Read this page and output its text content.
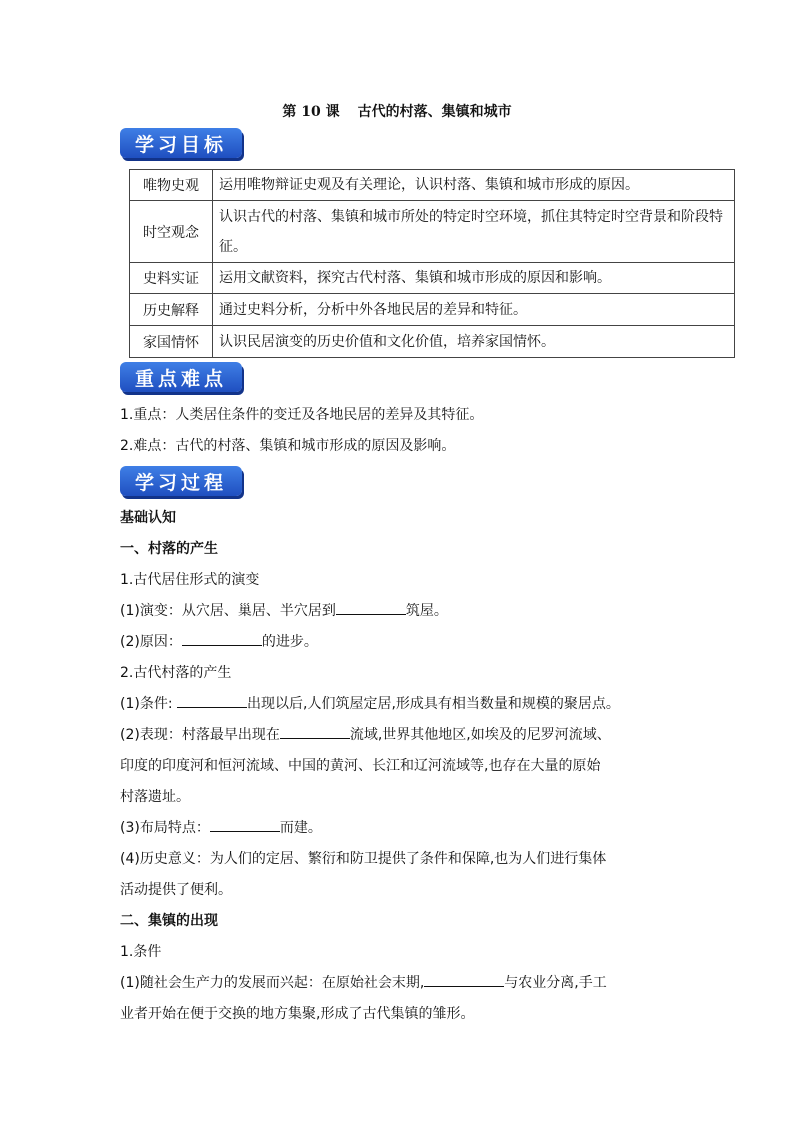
第 10 课 古代的村落、集镇和城市
学习目标
唯物史观	运用唯物辩证史观及有关理论，认识村落、集镇和城市形成的原因。
时空观念	认识古代的村落、集镇和城市所处的特定时空环境，抓住其特定时空背景和阶段特征。
史料实证	运用文献资料，探究古代村落、集镇和城市形成的原因和影响。
历史解释	通过史料分析，分析中外各地民居的差异和特征。
家国情怀	认识民居演变的历史价值和文化价值，培养家国情怀。
重点难点
1.重点：人类居住条件的变迁及各地民居的差异及其特征。
2.难点：古代的村落、集镇和城市形成的原因及影响。
学习过程
基础认知
一、村落的产生
1.古代居住形式的演变
(1)演变：从穴居、巢居、半穴居到	筑屋。
(2)原因：	的进步。
2.古代村落的产生
(1)条件:	出现以后,人们筑屋定居,形成具有相当数量和规模的聚居点。
(2)表现：村落最早出现在	流域,世界其他地区,如埃及的尼罗河流域、
印度的印度河和恒河流域、中国的黄河、长江和辽河流域等,也存在大量的原始
村落遗址。
(3)布局特点：	而建。
(4)历史意义：为人们的定居、繁衍和防卫提供了条件和保障,也为人们进行集体
活动提供了便利。
二、集镇的出现
1.条件
(1)随社会生产力的发展而兴起：在原始社会末期,	与农业分离,手工
业者开始在便于交换的地方集聚,形成了古代集镇的雏形。
